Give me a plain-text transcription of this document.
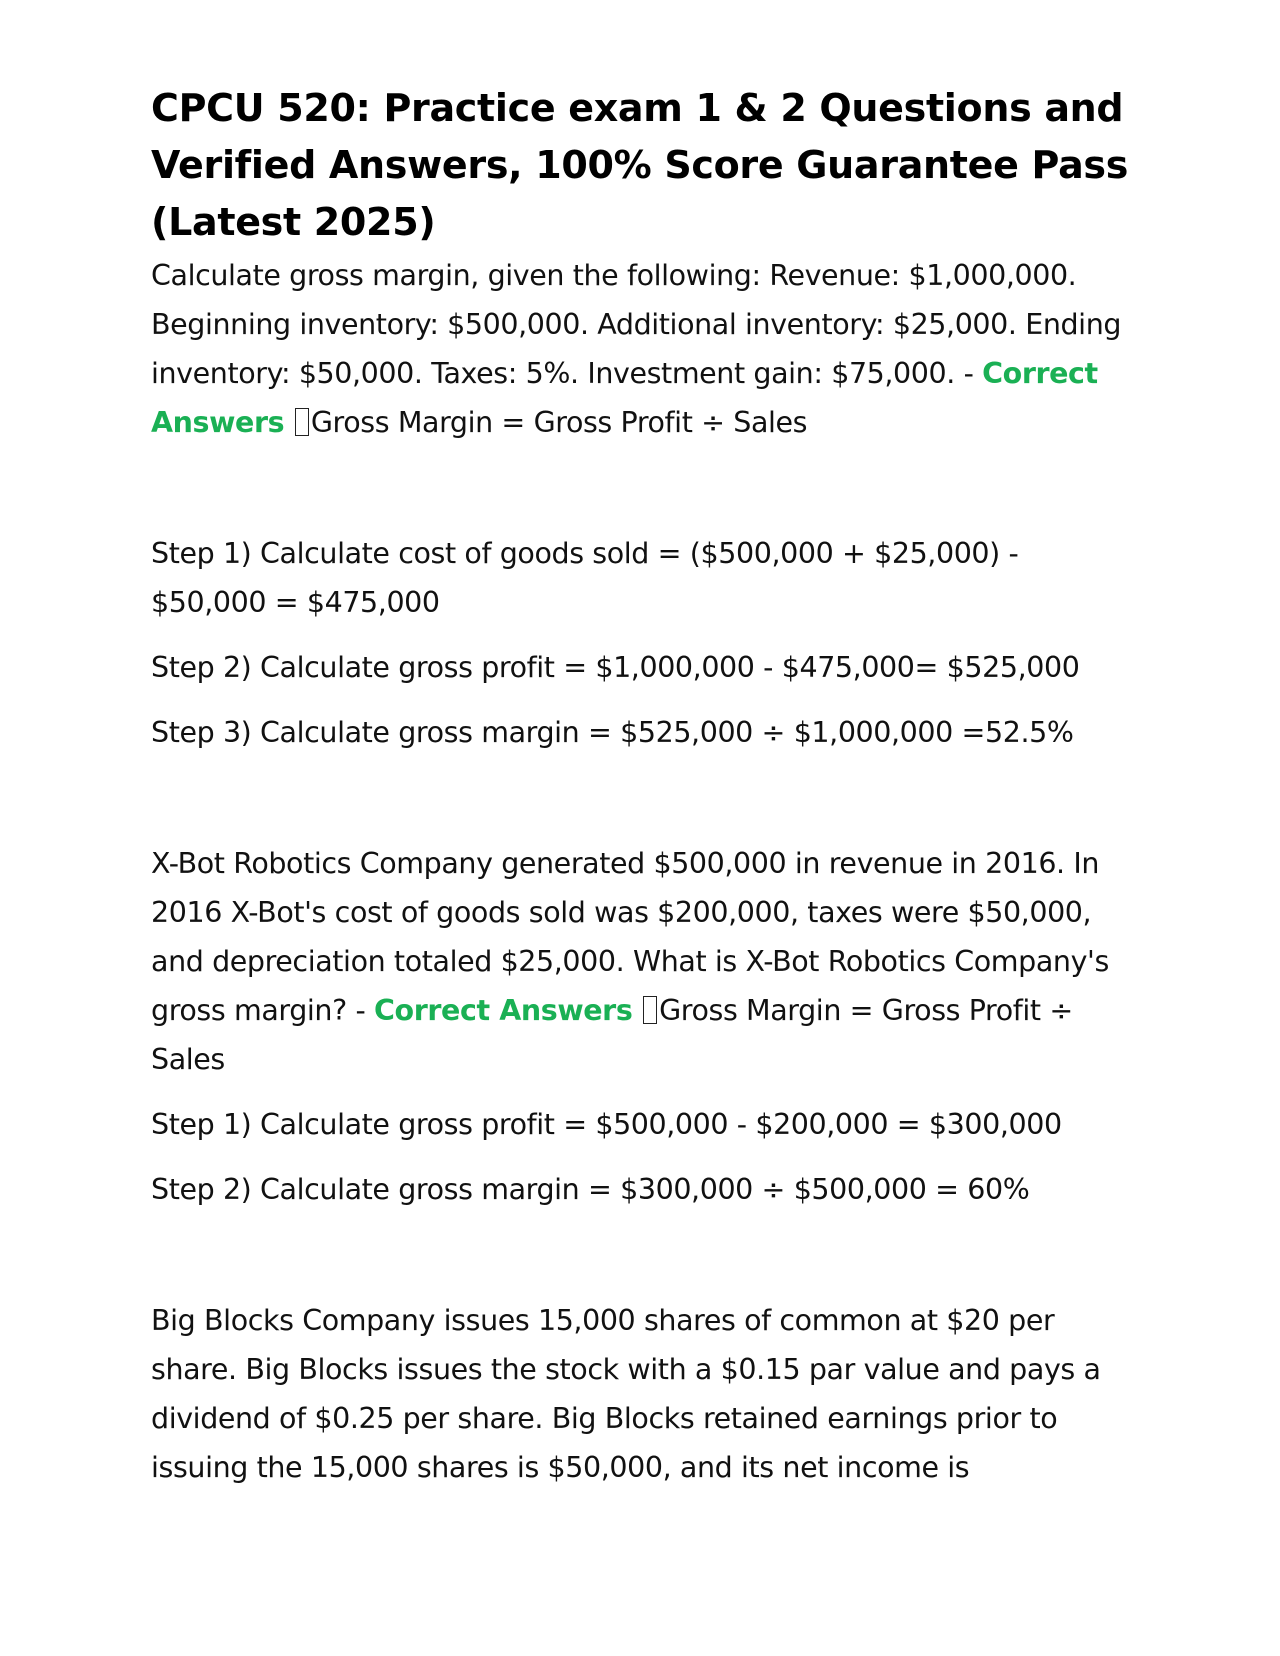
CPCU 520: Practice exam 1 & 2 Questions and Verified Answers, 100% Score Guarantee Pass (Latest 2025)

Calculate gross margin, given the following: Revenue: $1,000,000. Beginning inventory: $500,000. Additional inventory: $25,000. Ending inventory: $50,000. Taxes: 5%. Investment gain: $75,000. - Correct Answers Gross Margin = Gross Profit ÷ Sales

Step 1) Calculate cost of goods sold = ($500,000 + $25,000) - $50,000 = $475,000

Step 2) Calculate gross profit = $1,000,000 - $475,000= $525,000

Step 3) Calculate gross margin = $525,000 ÷ $1,000,000 =52.5%

X-Bot Robotics Company generated $500,000 in revenue in 2016. In 2016 X-Bot's cost of goods sold was $200,000, taxes were $50,000, and depreciation totaled $25,000. What is X-Bot Robotics Company's gross margin? - Correct Answers Gross Margin = Gross Profit ÷ Sales

Step 1) Calculate gross profit = $500,000 - $200,000 = $300,000

Step 2) Calculate gross margin = $300,000 ÷ $500,000 = 60%

Big Blocks Company issues 15,000 shares of common at $20 per share. Big Blocks issues the stock with a $0.15 par value and pays a dividend of $0.25 per share. Big Blocks retained earnings prior to issuing the 15,000 shares is $50,000, and its net income is
